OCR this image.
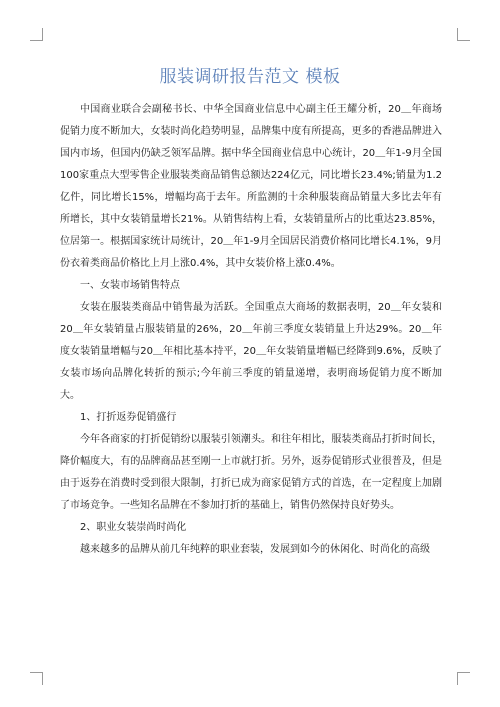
服装调研报告范文 模板

中国商业联合会副秘书长、中华全国商业信息中心副主任王耀分析，20＿年商场促销力度不断加大，女装时尚化趋势明显，品牌集中度有所提高，更多的香港品牌进入国内市场，但国内仍缺乏领军品牌。据中华全国商业信息中心统计，20＿年1-9月全国100家重点大型零售企业服装类商品销售总额达224亿元，同比增长23.4%;销量为1.2亿件，同比增长15%，增幅均高于去年。所监测的十余种服装商品销量大多比去年有所增长，其中女装销量增长21%。从销售结构上看，女装销量所占的比重达23.85%，位居第一。根据国家统计局统计，20＿年1-9月全国居民消费价格同比增长4.1%，9月份衣着类商品价格比上月上涨0.4%，其中女装价格上涨0.4%。

一、女装市场销售特点

女装在服装类商品中销售最为活跃。全国重点大商场的数据表明，20＿年女装和20＿年女装销量占服装销量的26%，20＿年前三季度女装销量上升达29%。20＿年度女装销量增幅与20＿年相比基本持平，20＿年女装销量增幅已经降到9.6%，反映了女装市场向品牌化转折的预示;今年前三季度的销量递增，表明商场促销力度不断加大。

1、打折返券促销盛行

今年各商家的打折促销纷以服装引领潮头。和往年相比，服装类商品打折时间长，降价幅度大，有的品牌商品甚至刚一上市就打折。另外，返券促销形式业很普及，但是由于返券在消费时受到很大限制，打折已成为商家促销方式的首选，在一定程度上加剧了市场竞争。一些知名品牌在不参加打折的基础上，销售仍然保持良好势头。

2、职业女装崇尚时尚化

越来越多的品牌从前几年纯粹的职业套装，发展到如今的休闲化、时尚化的高级
